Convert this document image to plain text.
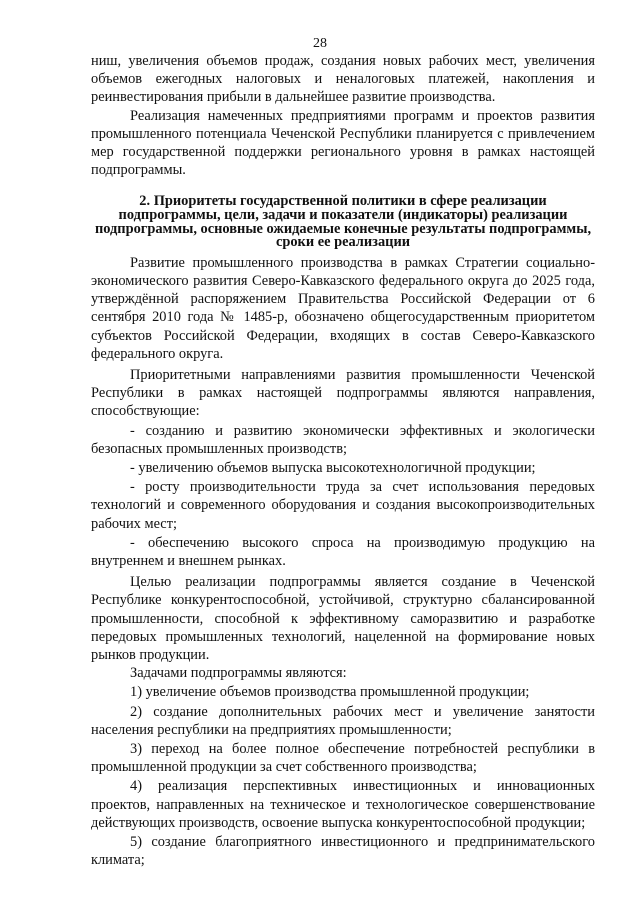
28

ниш, увеличения объемов продаж, создания новых рабочих мест, увеличения объемов ежегодных налоговых и неналоговых платежей, накопления и реинвестирования прибыли в дальнейшее развитие производства.

Реализация намеченных предприятиями программ и проектов развития промышленного потенциала Чеченской Республики планируется с привлечением мер государственной поддержки регионального уровня в рамках настоящей подпрограммы.

2. Приоритеты государственной политики в сфере реализации подпрограммы, цели, задачи и показатели (индикаторы) реализации подпрограммы, основные ожидаемые конечные результаты подпрограммы, сроки ее реализации

Развитие промышленного производства в рамках Стратегии социально-экономического развития Северо-Кавказского федерального округа до 2025 года, утверждённой распоряжением Правительства Российской Федерации от 6 сентября 2010 года № 1485-р, обозначено общегосударственным приоритетом субъектов Российской Федерации, входящих в состав Северо-Кавказского федерального округа.

Приоритетными направлениями развития промышленности Чеченской Республики в рамках настоящей подпрограммы являются направления, способствующие:

- созданию и развитию экономически эффективных и экологически безопасных промышленных производств;

- увеличению объемов выпуска высокотехнологичной продукции;

- росту производительности труда за счет использования передовых технологий и современного оборудования и создания высокопроизводительных рабочих мест;

- обеспечению высокого спроса на производимую продукцию на внутреннем и внешнем рынках.

Целью реализации подпрограммы является создание в Чеченской Республике конкурентоспособной, устойчивой, структурно сбалансированной промышленности, способной к эффективному саморазвитию и разработке передовых промышленных технологий, нацеленной на формирование новых рынков продукции.

Задачами подпрограммы являются:

1) увеличение объемов производства промышленной продукции;

2) создание дополнительных рабочих мест и увеличение занятости населения республики на предприятиях промышленности;

3) переход на более полное обеспечение потребностей республики в промышленной продукции за счет собственного производства;

4) реализация перспективных инвестиционных и инновационных проектов, направленных на техническое и технологическое совершенствование действующих производств, освоение выпуска конкурентоспособной продукции;

5) создание благоприятного инвестиционного и предпринимательского климата;
